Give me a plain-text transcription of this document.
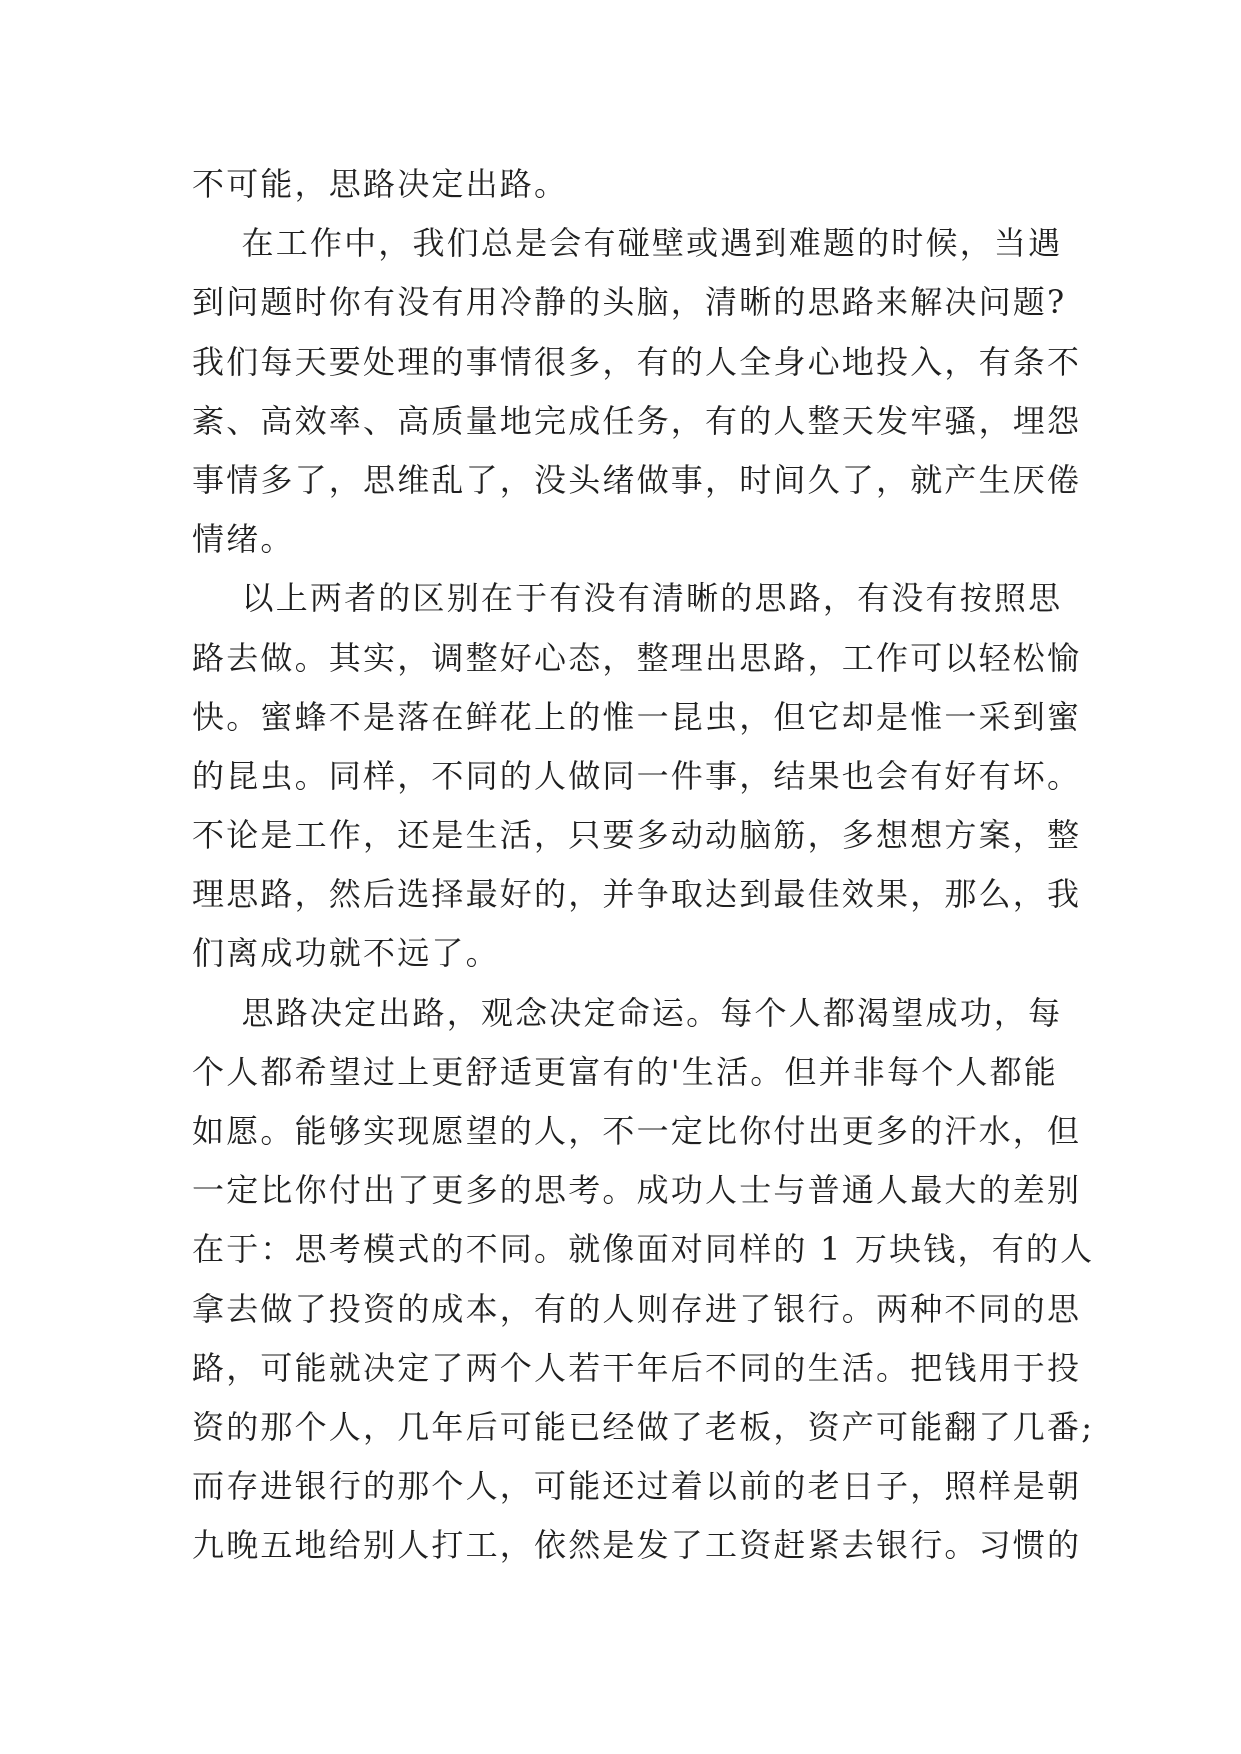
不可能，思路决定出路。
在工作中，我们总是会有碰壁或遇到难题的时候，当遇
到问题时你有没有用冷静的头脑，清晰的思路来解决问题?
我们每天要处理的事情很多，有的人全身心地投入，有条不
紊、高效率、高质量地完成任务，有的人整天发牢骚，埋怨
事情多了，思维乱了，没头绪做事，时间久了，就产生厌倦
情绪。
以上两者的区别在于有没有清晰的思路，有没有按照思
路去做。其实，调整好心态，整理出思路，工作可以轻松愉
快。蜜蜂不是落在鲜花上的惟一昆虫，但它却是惟一采到蜜
的昆虫。同样，不同的人做同一件事，结果也会有好有坏。
不论是工作，还是生活，只要多动动脑筋，多想想方案，整
理思路，然后选择最好的，并争取达到最佳效果，那么，我
们离成功就不远了。
思路决定出路，观念决定命运。每个人都渴望成功，每
个人都希望过上更舒适更富有的'生活。但并非每个人都能
如愿。能够实现愿望的人，不一定比你付出更多的汗水，但
一定比你付出了更多的思考。成功人士与普通人最大的差别
在于：思考模式的不同。就像面对同样的 1 万块钱，有的人
拿去做了投资的成本，有的人则存进了银行。两种不同的思
路，可能就决定了两个人若干年后不同的生活。把钱用于投
资的那个人，几年后可能已经做了老板，资产可能翻了几番;
而存进银行的那个人，可能还过着以前的老日子，照样是朝
九晚五地给别人打工，依然是发了工资赶紧去银行。习惯的
